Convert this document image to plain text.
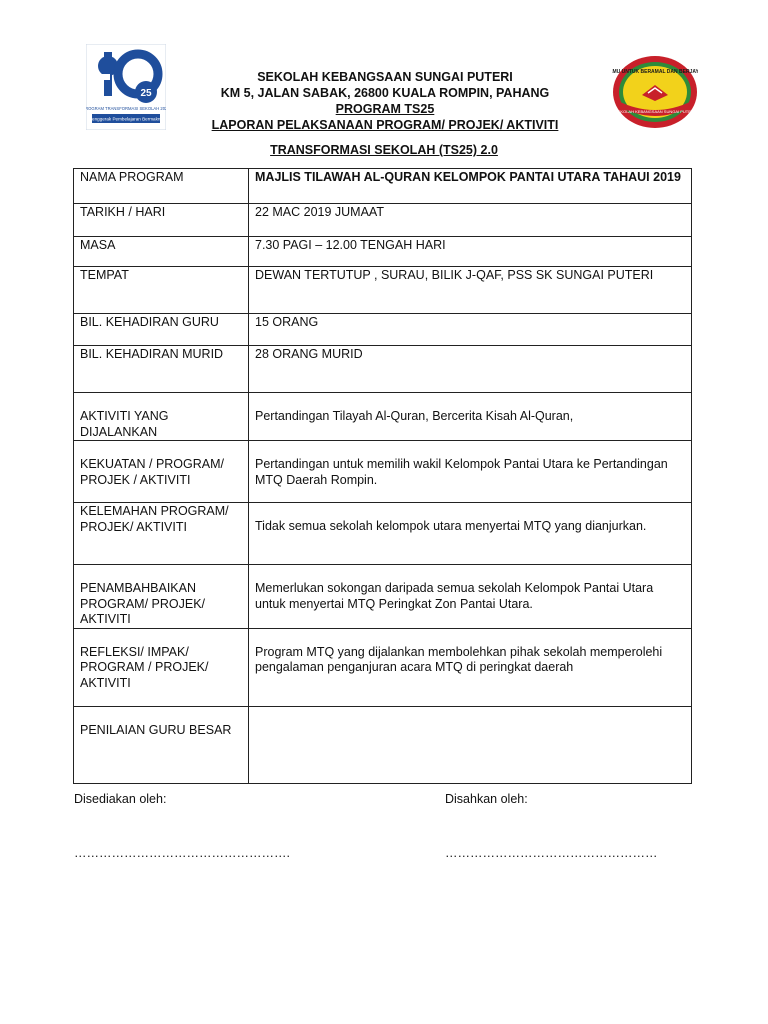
25
PROGRAM TRANSFORMASI SEKOLAH 2025
Penggerak Pembelajaran Bermakna
ILMU UNTUK BERAMAL DAN BERJAYA
SEKOLAH KEBANGSAAN SUNGAI PUTERI
SEKOLAH KEBANGSAAN SUNGAI PUTERI
KM 5, JALAN SABAK, 26800 KUALA ROMPIN, PAHANG
PROGRAM TS25
LAPORAN PELAKSANAAN PROGRAM/ PROJEK/ AKTIVITI
TRANSFORMASI SEKOLAH (TS25) 2.0
NAMA PROGRAM	MAJLIS TILAWAH AL-QURAN KELOMPOK PANTAI UTARA TAHAUI 2019
TARIKH / HARI	22 MAC 2019 JUMAAT
MASA	7.30 PAGI – 12.00 TENGAH HARI
TEMPAT	DEWAN TERTUTUP , SURAU, BILIK J-QAF, PSS SK SUNGAI PUTERI
BIL. KEHADIRAN GURU	15 ORANG
BIL. KEHADIRAN MURID	28 ORANG MURID
AKTIVITI YANG DIJALANKAN	Pertandingan Tilayah Al-Quran, Bercerita Kisah Al-Quran,
KEKUATAN / PROGRAM/ PROJEK / AKTIVITI	Pertandingan untuk memilih wakil Kelompok Pantai Utara ke Pertandingan MTQ Daerah Rompin.
KELEMAHAN PROGRAM/ PROJEK/ AKTIVITI	Tidak semua sekolah kelompok utara menyertai MTQ yang dianjurkan.
PENAMBAHBAIKAN PROGRAM/ PROJEK/ AKTIVITI	Memerlukan sokongan daripada semua sekolah Kelompok Pantai Utara untuk menyertai MTQ Peringkat Zon Pantai Utara.
REFLEKSI/ IMPAK/ PROGRAM / PROJEK/ AKTIVITI	Program MTQ yang dijalankan membolehkan pihak sekolah memperolehi pengalaman penganjuran acara MTQ di peringkat daerah
PENILAIAN GURU BESAR	
Disediakan oleh:	Disahkan oleh:
…………………………………………….	……………………………………………
